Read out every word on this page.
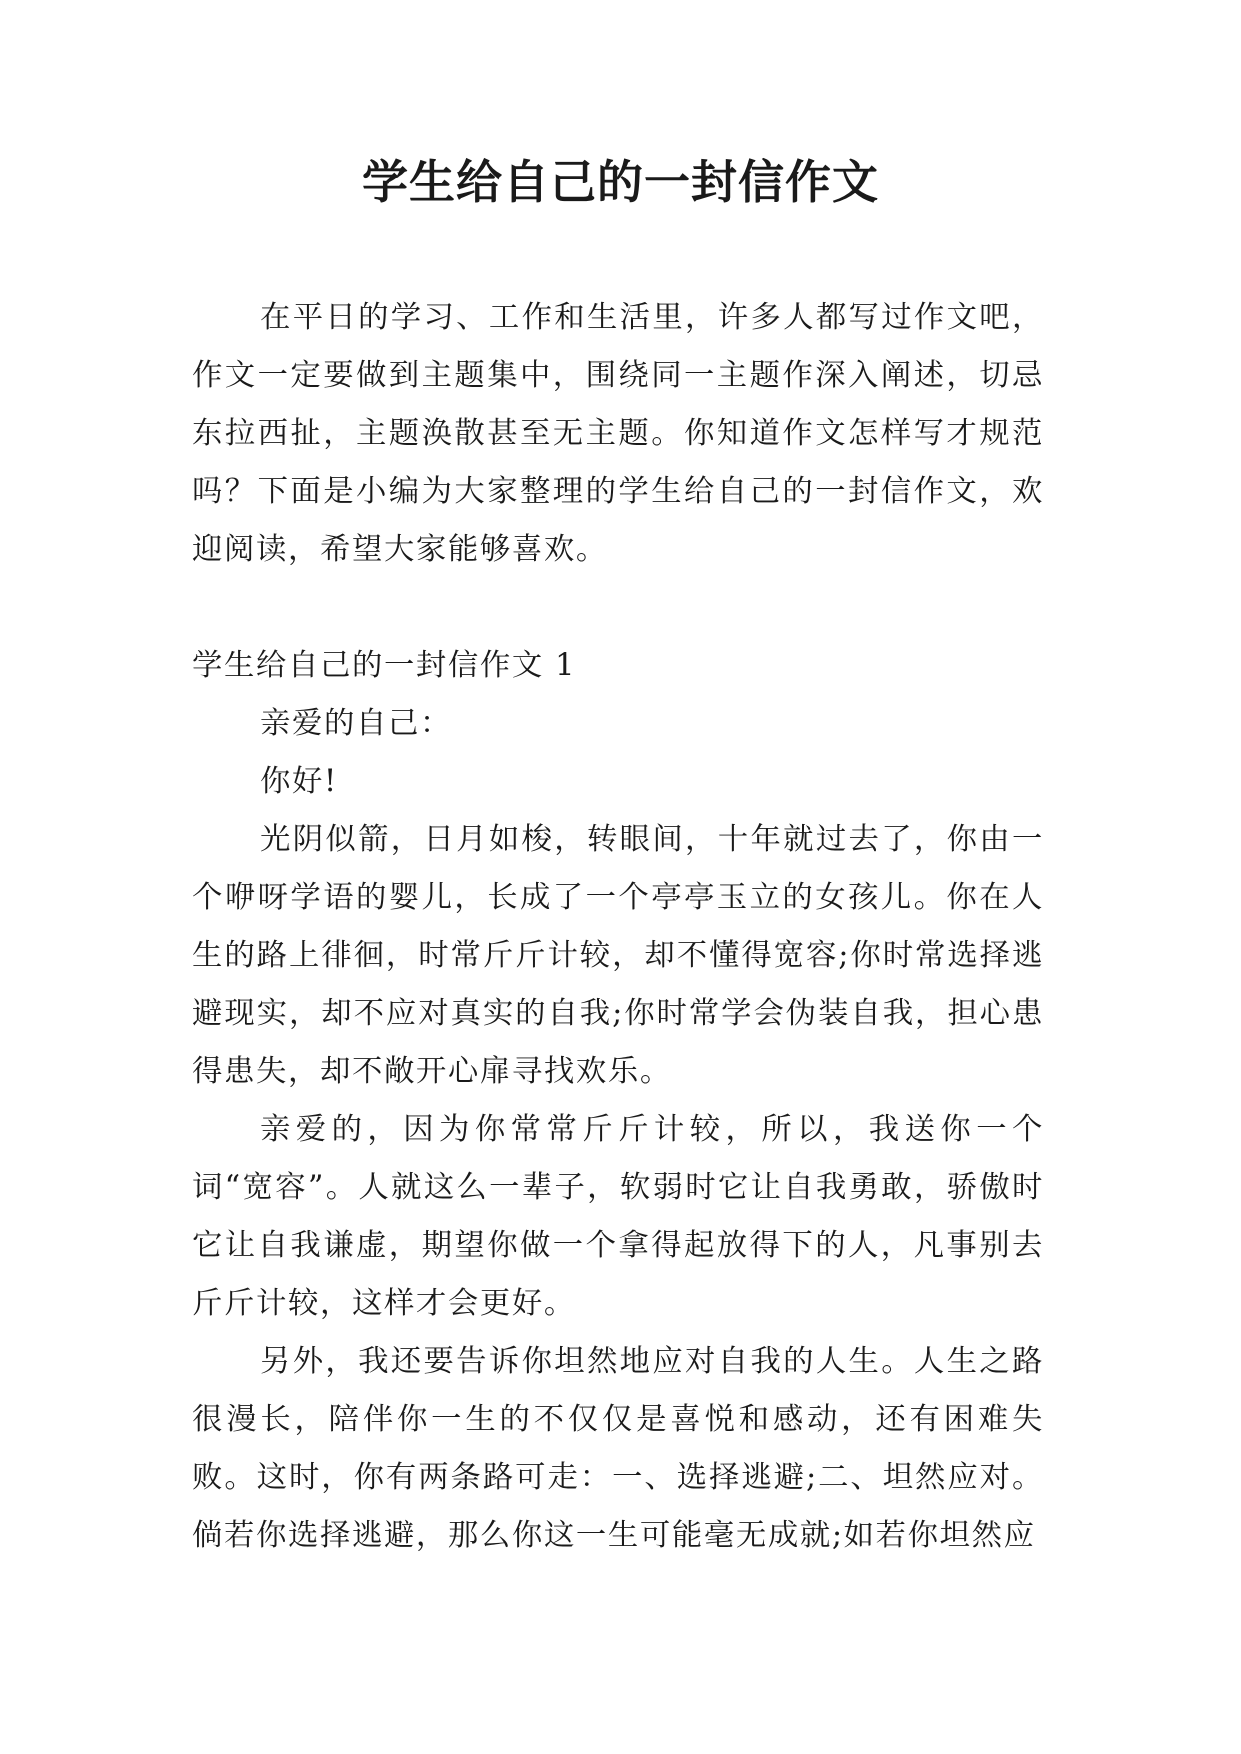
学生给自己的一封信作文

在平日的学习、工作和生活里，许多人都写过作文吧，作文一定要做到主题集中，围绕同一主题作深入阐述，切忌东拉西扯，主题涣散甚至无主题。你知道作文怎样写才规范吗？下面是小编为大家整理的学生给自己的一封信作文，欢迎阅读，希望大家能够喜欢。

学生给自己的一封信作文 1

亲爱的自己：

你好!

光阴似箭，日月如梭，转眼间，十年就过去了，你由一个咿呀学语的婴儿，长成了一个亭亭玉立的女孩儿。你在人生的路上徘徊，时常斤斤计较，却不懂得宽容;你时常选择逃避现实，却不应对真实的自我;你时常学会伪装自我，担心患得患失，却不敞开心扉寻找欢乐。

亲爱的，因为你常常斤斤计较，所以，我送你一个词“宽容”。人就这么一辈子，软弱时它让自我勇敢，骄傲时它让自我谦虚，期望你做一个拿得起放得下的人，凡事别去斤斤计较，这样才会更好。

另外，我还要告诉你坦然地应对自我的人生。人生之路很漫长，陪伴你一生的不仅仅是喜悦和感动，还有困难失败。这时，你有两条路可走：一、选择逃避;二、坦然应对。倘若你选择逃避，那么你这一生可能毫无成就;如若你坦然应
